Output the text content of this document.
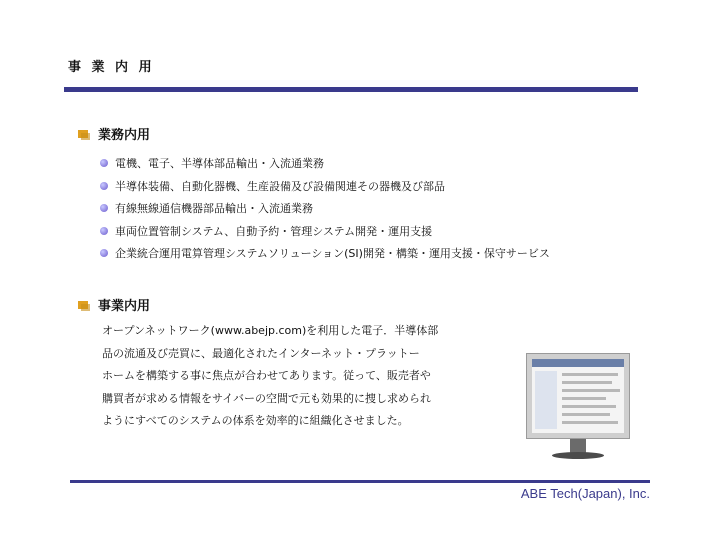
事 業 内 用
業務内用
電機、電子、半導体部品輸出・入流通業務
半導体装備、自動化器機、生産設備及び設備関連その器機及び部品
有線無線通信機器部品輸出・入流通業務
車両位置管制システム、自動予約・管理システム開発・運用支援
企業統合運用電算管理システムソリューション(SI)開発・構築・運用支援・保守サービス
事業内用
オープンネットワーク(www.abejp.com)を利用した電子．半導体部
品の流通及び売買に、最適化されたインターネット・プラットー
ホームを構築する事に焦点が合わせてあります。従って、販売者や
購買者が求める情報をサイバーの空間で元も効果的に捜し求められ
ようにすべてのシステムの体系を効率的に組織化させました。
ABE Tech(Japan), Inc.
